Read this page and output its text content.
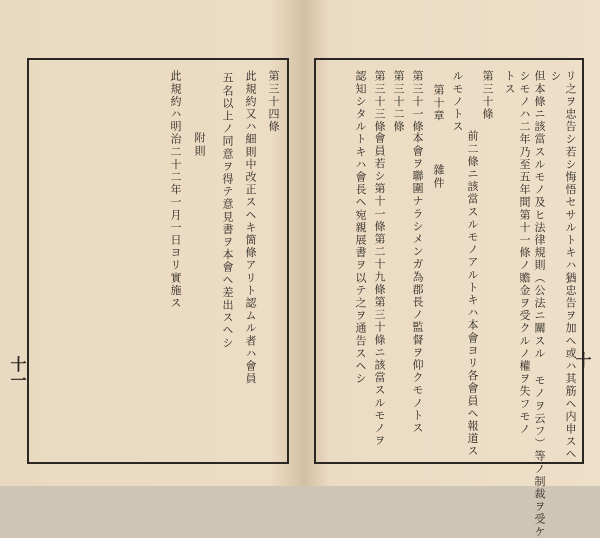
第三十四條
此規約又ハ細則中改正スヘキ箇條アリト認ムル者ハ會員
五名以上ノ同意ヲ得テ意見書ヲ本會ヘ差出スヘシ
附則
此規約ハ明治二十二年一月一日ヨリ實施ス
十一	リ之ヲ忠告シ若シ悔悟セサルトキハ猶忠告ヲ加ヘ或ハ其筋ヘ内申スヘ
シ
但本條ニ該當スルモノ及ヒ法律規則（公法ニ關スル モノヲ云フ）等ノ制裁ヲ受ケ
シモノハ二年乃至五年間第十一條ノ贍金ヲ受クルノ權ヲ失フモノ
トス
第三十條
前二條ニ該當スルモノアルトキハ本會ヨリ各會員ヘ報道ス
ルモノトス
第十章
雜件
第三十一條
本會ヲ聯圍ナラシメンガ為郡長ノ監督ヲ仰クモノトス
第三十二條
第三十三條
會員若シ第十一條第二十九條第三十條ニ該當スルモノヲ
認知シタルトキハ會長ヘ宛親展書ヲ以テ之ヲ通告スヘシ	十
